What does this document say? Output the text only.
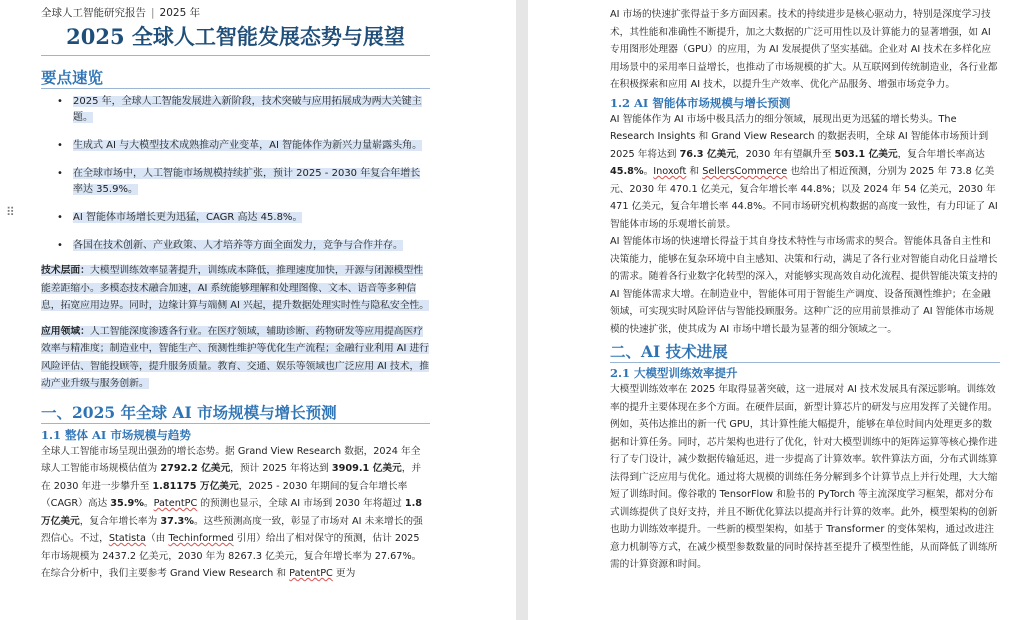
⠿
全球人工智能研究报告 | 2025 年
2025 全球人工智能发展态势与展望
要点速览
• 2025 年，全球人工智能发展进入新阶段，技术突破与应用拓展成为两大关键主题。
• 生成式 AI 与大模型技术成熟推动产业变革，AI 智能体作为新兴力量崭露头角。
• 在全球市场中，人工智能市场规模持续扩张，预计 2025 - 2030 年复合年增长率达 35.9%。
• AI 智能体市场增长更为迅猛，CAGR 高达 45.8%。
• 各国在技术创新、产业政策、人才培养等方面全面发力，竞争与合作并存。

技术层面：大模型训练效率显著提升，训练成本降低，推理速度加快，开源与闭源模型性能差距缩小。多模态技术融合加速，AI 系统能够理解和处理图像、文本、语音等多种信息，拓宽应用边界。同时，边缘计算与端侧 AI 兴起，提升数据处理实时性与隐私安全性。

应用领域：人工智能深度渗透各行业。在医疗领域，辅助诊断、药物研发等应用提高医疗效率与精准度；制造业中，智能生产、预测性维护等优化生产流程；金融行业利用 AI 进行风险评估、智能投顾等，提升服务质量。教育、交通、娱乐等领域也广泛应用 AI 技术，推动产业升级与服务创新。

一、2025 年全球 AI 市场规模与增长预测
1.1 整体 AI 市场规模与趋势

全球人工智能市场呈现出强劲的增长态势。据 Grand View Research 数据，2024 年全球人工智能市场规模估值为 2792.2 亿美元，预计 2025 年将达到 3909.1 亿美元，并在 2030 年进一步攀升至 1.81175 万亿美元，2025 - 2030 年期间的复合年增长率（CAGR）高达 35.9%。PatentPC 的预测也显示，全球 AI 市场到 2030 年将超过 1.8 万亿美元，复合年增长率为 37.3%。这些预测高度一致，彰显了市场对 AI 未来增长的强烈信心。不过，Statista（由 Techinformed 引用）给出了相对保守的预测，估计 2025 年市场规模为 2437.2 亿美元，2030 年为 8267.3 亿美元，复合年增长率为 27.67%。在综合分析中，我们主要参考 Grand View Research 和 PatentPC 更为

AI 市场的快速扩张得益于多方面因素。技术的持续进步是核心驱动力，特别是深度学习技术，其性能和准确性不断提升，加之大数据的广泛可用性以及计算能力的显著增强，如 AI 专用图形处理器（GPU）的应用，为 AI 发展提供了坚实基础。企业对 AI 技术在多样化应用场景中的采用率日益增长，也推动了市场规模的扩大。从互联网到传统制造业，各行业都在积极探索和应用 AI 技术，以提升生产效率、优化产品服务、增强市场竞争力。

1.2 AI 智能体市场规模与增长预测

AI 智能体作为 AI 市场中极具活力的细分领域，展现出更为迅猛的增长势头。The Research Insights 和 Grand View Research 的数据表明，全球 AI 智能体市场预计到 2025 年将达到 76.3 亿美元，2030 年有望飙升至 503.1 亿美元，复合年增长率高达 45.8%。Inoxoft 和 SellersCommerce 也给出了相近预测，分别为 2025 年 73.8 亿美元、2030 年 470.1 亿美元，复合年增长率 44.8%；以及 2024 年 54 亿美元，2030 年 471 亿美元，复合年增长率 44.8%。不同市场研究机构数据的高度一致性，有力印证了 AI 智能体市场的乐观增长前景。

AI 智能体市场的快速增长得益于其自身技术特性与市场需求的契合。智能体具备自主性和决策能力，能够在复杂环境中自主感知、决策和行动，满足了各行业对智能自动化日益增长的需求。随着各行业数字化转型的深入，对能够实现高效自动化流程、提供智能决策支持的 AI 智能体需求大增。在制造业中，智能体可用于智能生产调度、设备预测性维护；在金融领域，可实现实时风险评估与智能投顾服务。这种广泛的应用前景推动了 AI 智能体市场规模的快速扩张，使其成为 AI 市场中增长最为显著的细分领域之一。

二、AI 技术进展
2.1 大模型训练效率提升

大模型训练效率在 2025 年取得显著突破，这一进展对 AI 技术发展具有深远影响。训练效率的提升主要体现在多个方面。在硬件层面，新型计算芯片的研发与应用发挥了关键作用。例如，英伟达推出的新一代 GPU，其计算性能大幅提升，能够在单位时间内处理更多的数据和计算任务。同时，芯片架构也进行了优化，针对大模型训练中的矩阵运算等核心操作进行了专门设计，减少数据传输延迟，进一步提高了计算效率。软件算法方面，分布式训练算法得到广泛应用与优化。通过将大规模的训练任务分解到多个计算节点上并行处理，大大缩短了训练时间。像谷歌的 TensorFlow 和脸书的 PyTorch 等主流深度学习框架，都对分布式训练提供了良好支持，并且不断优化算法以提高并行计算的效率。此外，模型架构的创新也助力训练效率提升。一些新的模型架构，如基于 Transformer 的变体架构，通过改进注意力机制等方式，在减少模型参数数量的同时保持甚至提升了模型性能，从而降低了训练所需的计算资源和时间。
